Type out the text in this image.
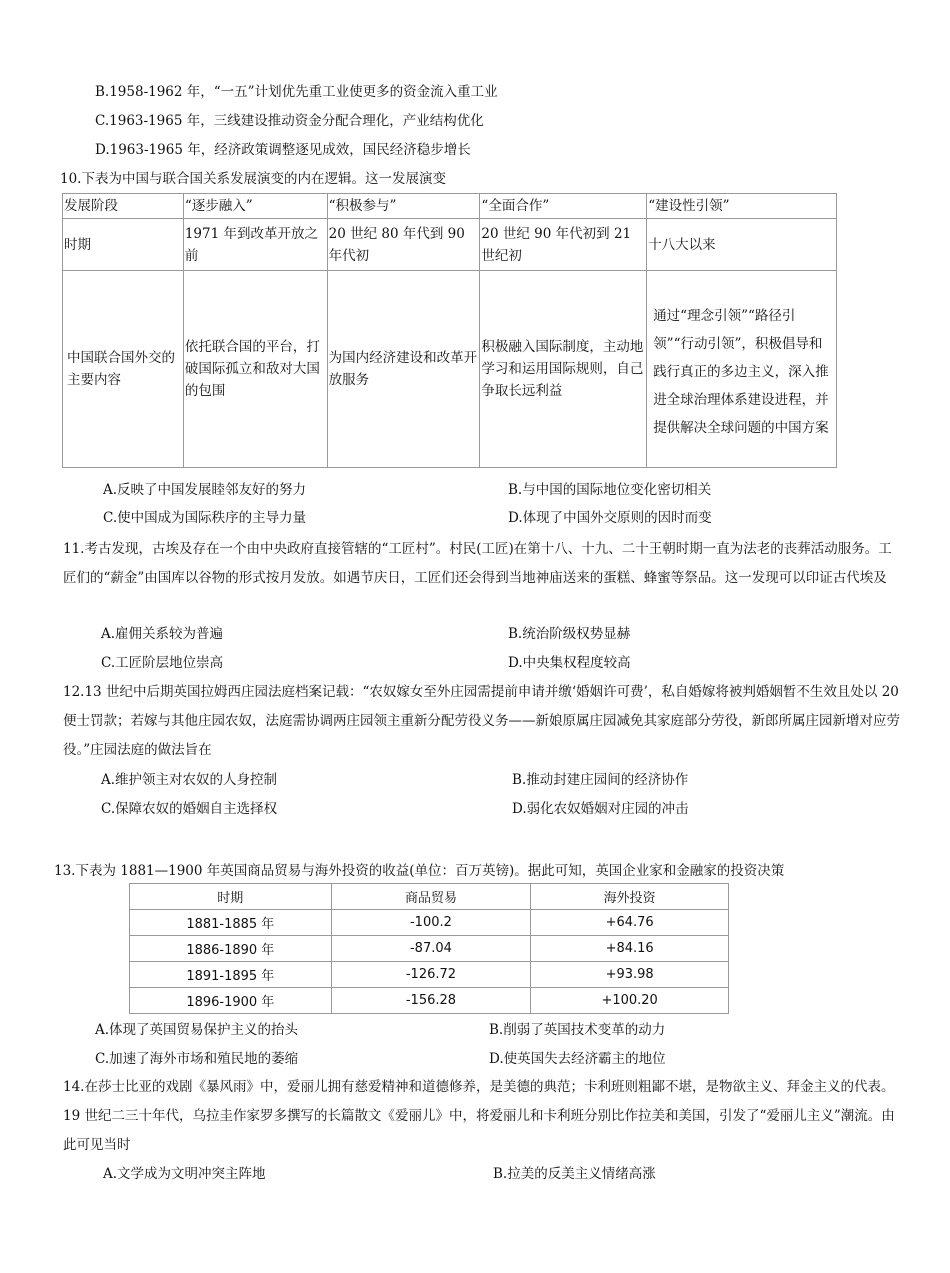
B.1958-1962 年，“一五”计划优先重工业使更多的资金流入重工业
C.1963-1965 年，三线建设推动资金分配合理化，产业结构优化
D.1963-1965 年，经济政策调整逐见成效，国民经济稳步增长
10.下表为中国与联合国关系发展演变的内在逻辑。这一发展演变
发展阶段	“逐步融入”	“积极参与”	“全面合作”	“建设性引领”
时期	1971 年到改革开放之前	20 世纪 80 年代到 90 年代初	20 世纪 90 年代初到 21 世纪初	十八大以来
中国联合国外交的主要内容	依托联合国的平台，打破国际孤立和敌对大国的包围	为国内经济建设和改革开放服务	积极融入国际制度，主动地学习和运用国际规则，自己争取长远利益	通过“理念引领”“路径引领”“行动引领”，积极倡导和践行真正的多边主义，深入推进全球治理体系建设进程，并提供解决全球问题的中国方案
A.反映了中国发展睦邻友好的努力	B.与中国的国际地位变化密切相关
C.使中国成为国际秩序的主导力量	D.体现了中国外交原则的因时而变
11.考古发现，古埃及存在一个由中央政府直接管辖的“工匠村”。村民(工匠)在第十八、十九、二十王朝时期一直为法老的丧葬活动服务。工匠们的“薪金”由国库以谷物的形式按月发放。如遇节庆日，工匠们还会得到当地神庙送来的蛋糕、蜂蜜等祭品。这一发现可以印证古代埃及
A.雇佣关系较为普遍	B.统治阶级权势显赫
C.工匠阶层地位崇高	D.中央集权程度较高
12.13 世纪中后期英国拉姆西庄园法庭档案记载：“农奴嫁女至外庄园需提前申请并缴‘婚姻许可费’，私自婚嫁将被判婚姻暂不生效且处以 20 便士罚款；若嫁与其他庄园农奴，法庭需协调两庄园领主重新分配劳役义务——新娘原属庄园减免其家庭部分劳役，新郎所属庄园新增对应劳役。”庄园法庭的做法旨在
A.维护领主对农奴的人身控制	B.推动封建庄园间的经济协作
C.保障农奴的婚姻自主选择权	D.弱化农奴婚姻对庄园的冲击
13.下表为 1881—1900 年英国商品贸易与海外投资的收益(单位：百万英镑)。据此可知，英国企业家和金融家的投资决策
时期	商品贸易	海外投资
1881-1885 年	-100.2	+64.76
1886-1890 年	-87.04	+84.16
1891-1895 年	-126.72	+93.98
1896-1900 年	-156.28	+100.20
A.体现了英国贸易保护主义的抬头	B.削弱了英国技术变革的动力
C.加速了海外市场和殖民地的萎缩	D.使英国失去经济霸主的地位
14.在莎士比亚的戏剧《暴风雨》中，爱丽儿拥有慈爱精神和道德修养，是美德的典范；卡利班则粗鄙不堪，是物欲主义、拜金主义的代表。19 世纪二三十年代，乌拉圭作家罗多撰写的长篇散文《爱丽儿》中，将爱丽儿和卡利班分别比作拉美和美国，引发了“爱丽儿主义”潮流。由此可见当时
A.文学成为文明冲突主阵地	B.拉美的反美主义情绪高涨
